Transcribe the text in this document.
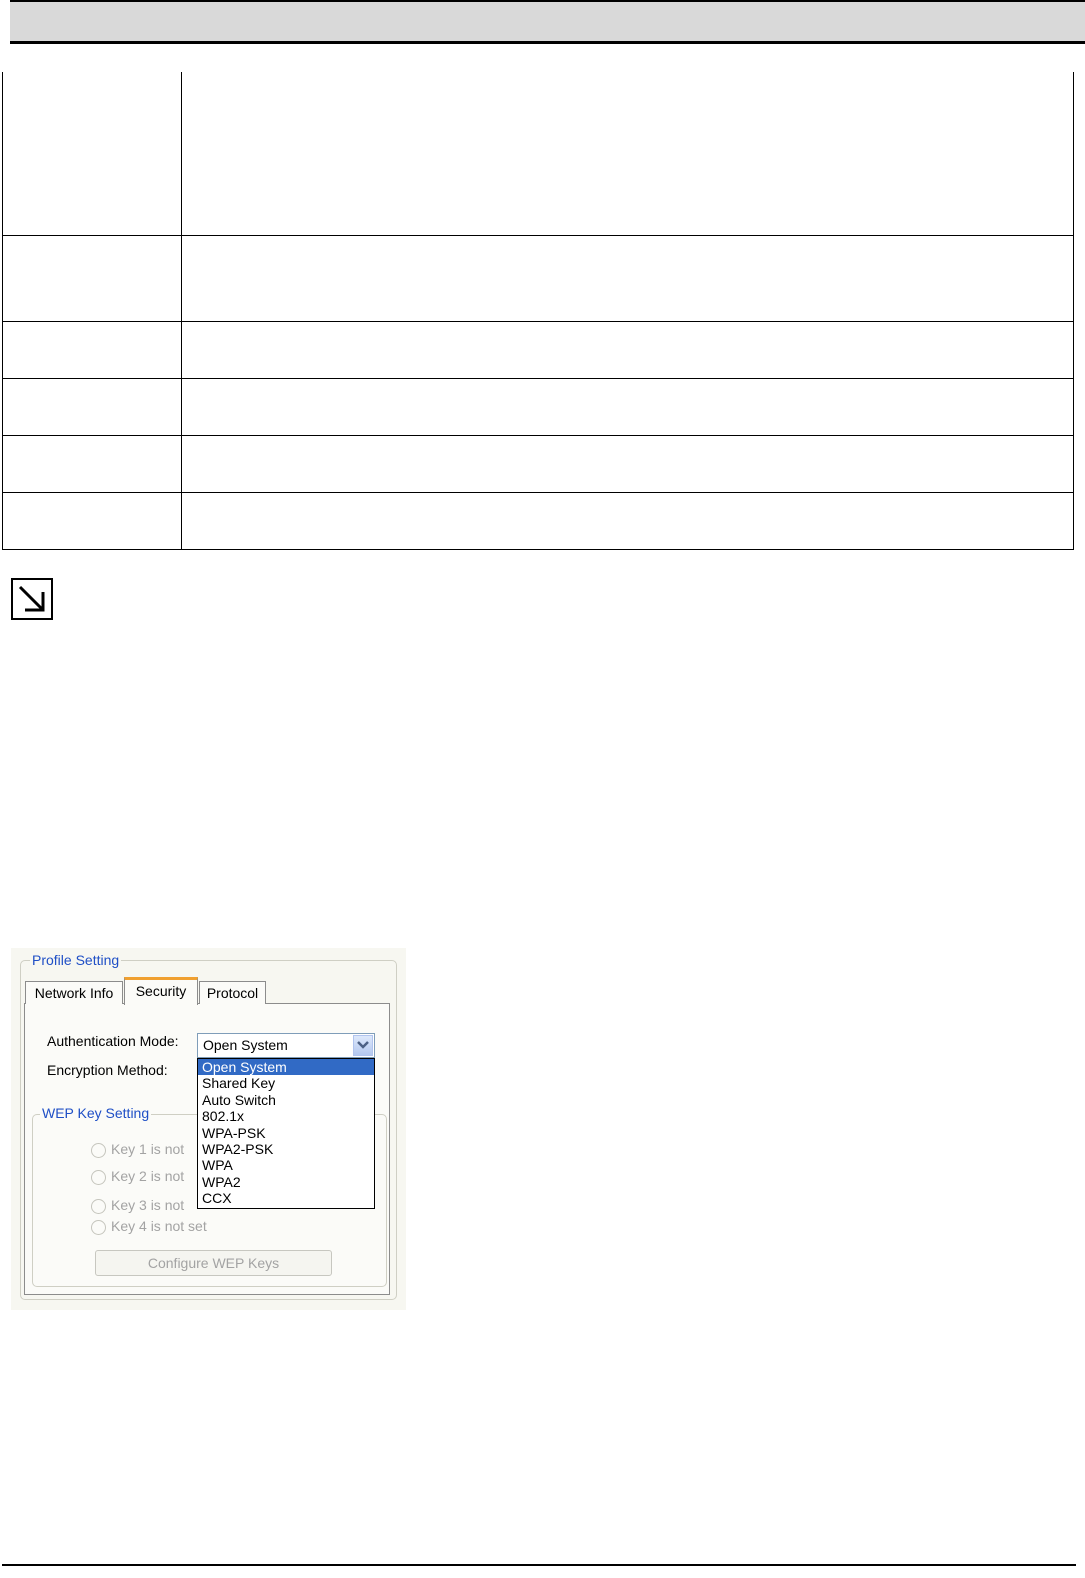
Profile Setting
Network Info	Security	Protocol
Authentication Mode:
Encryption Method:
Open System
WEP Key Setting
Key 1 is not
Key 2 is not
Key 3 is not
Key 4 is not set
Configure WEP Keys
Open System
Shared Key
Auto Switch
802.1x
WPA-PSK
WPA2-PSK
WPA
WPA2
CCX
